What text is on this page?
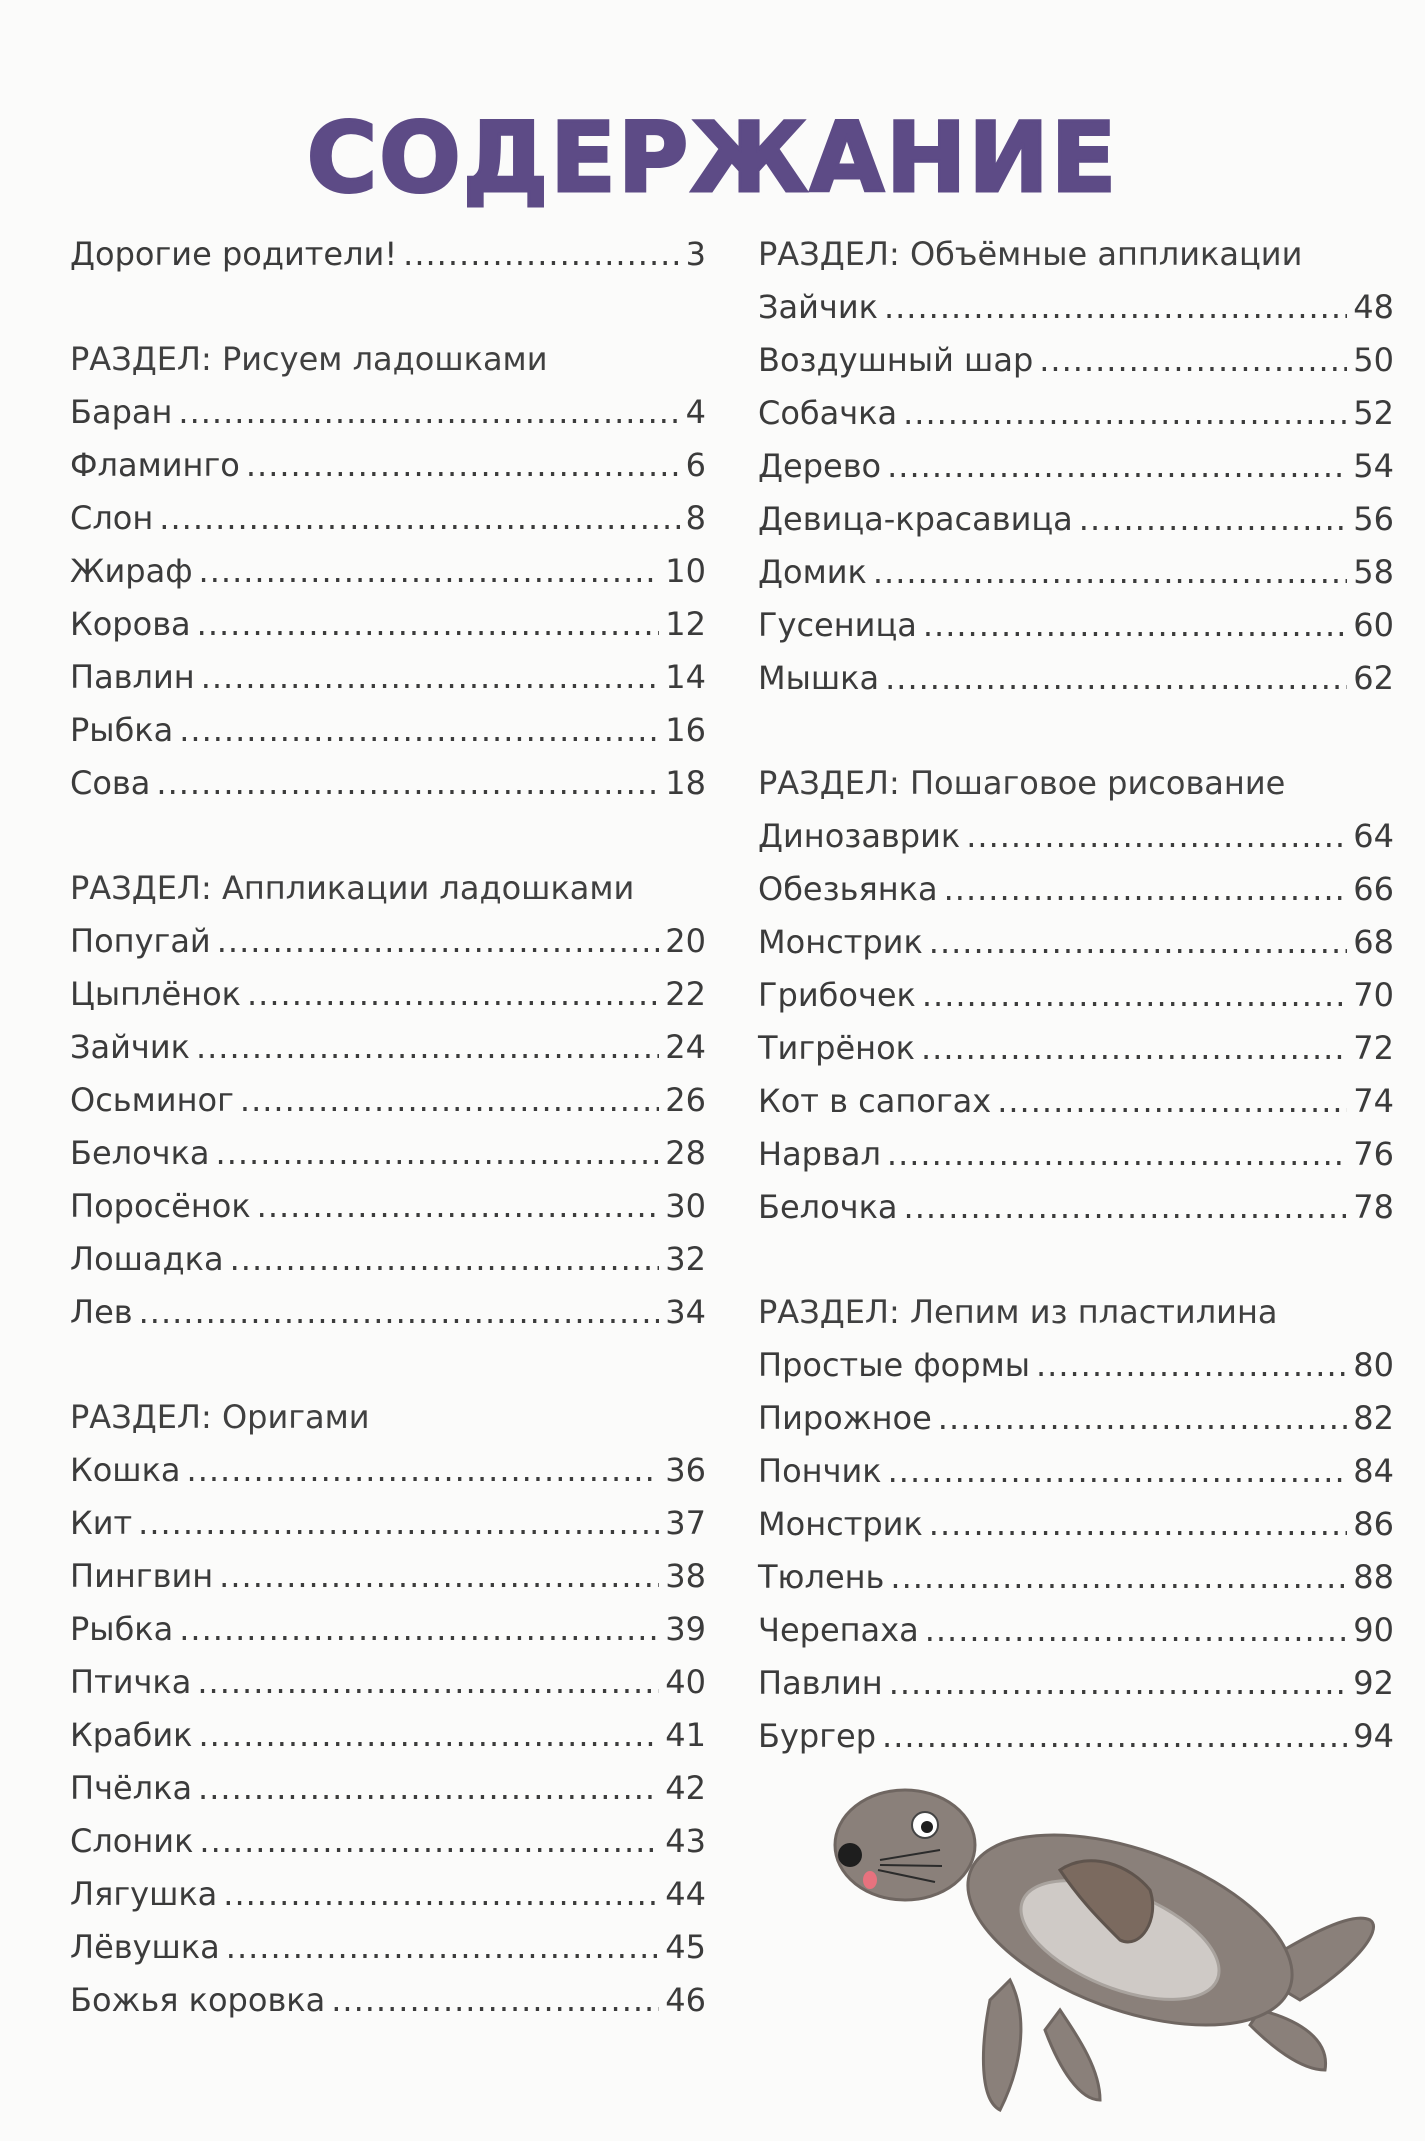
СОДЕРЖАНИЕ
Дорогие родители! .....	3
РАЗДЕЛ: Рисуем ладошками
Баран .....	4
Фламинго .....	6
Слон .....	8
Жираф .....	10
Корова .....	12
Павлин .....	14
Рыбка .....	16
Сова .....	18
РАЗДЕЛ: Аппликации ладошками
Попугай .....	20
Цыплёнок .....	22
Зайчик .....	24
Осьминог .....	26
Белочка .....	28
Поросёнок .....	30
Лошадка .....	32
Лев .....	34
РАЗДЕЛ: Оригами
Кошка .....	36
Кит .....	37
Пингвин .....	38
Рыбка .....	39
Птичка .....	40
Крабик .....	41
Пчёлка .....	42
Слоник .....	43
Лягушка .....	44
Лёвушка .....	45
Божья коровка .....	46
РАЗДЕЛ: Объёмные аппликации
Зайчик .....	48
Воздушный шар .....	50
Собачка .....	52
Дерево .....	54
Девица-красавица .....	56
Домик .....	58
Гусеница .....	60
Мышка .....	62
РАЗДЕЛ: Пошаговое рисование
Динозаврик .....	64
Обезьянка .....	66
Монстрик .....	68
Грибочек .....	70
Тигрёнок .....	72
Кот в сапогах .....	74
Нарвал .....	76
Белочка .....	78
РАЗДЕЛ: Лепим из пластилина
Простые формы .....	80
Пирожное .....	82
Пончик .....	84
Монстрик .....	86
Тюлень .....	88
Черепаха .....	90
Павлин .....	92
Бургер .....	94
